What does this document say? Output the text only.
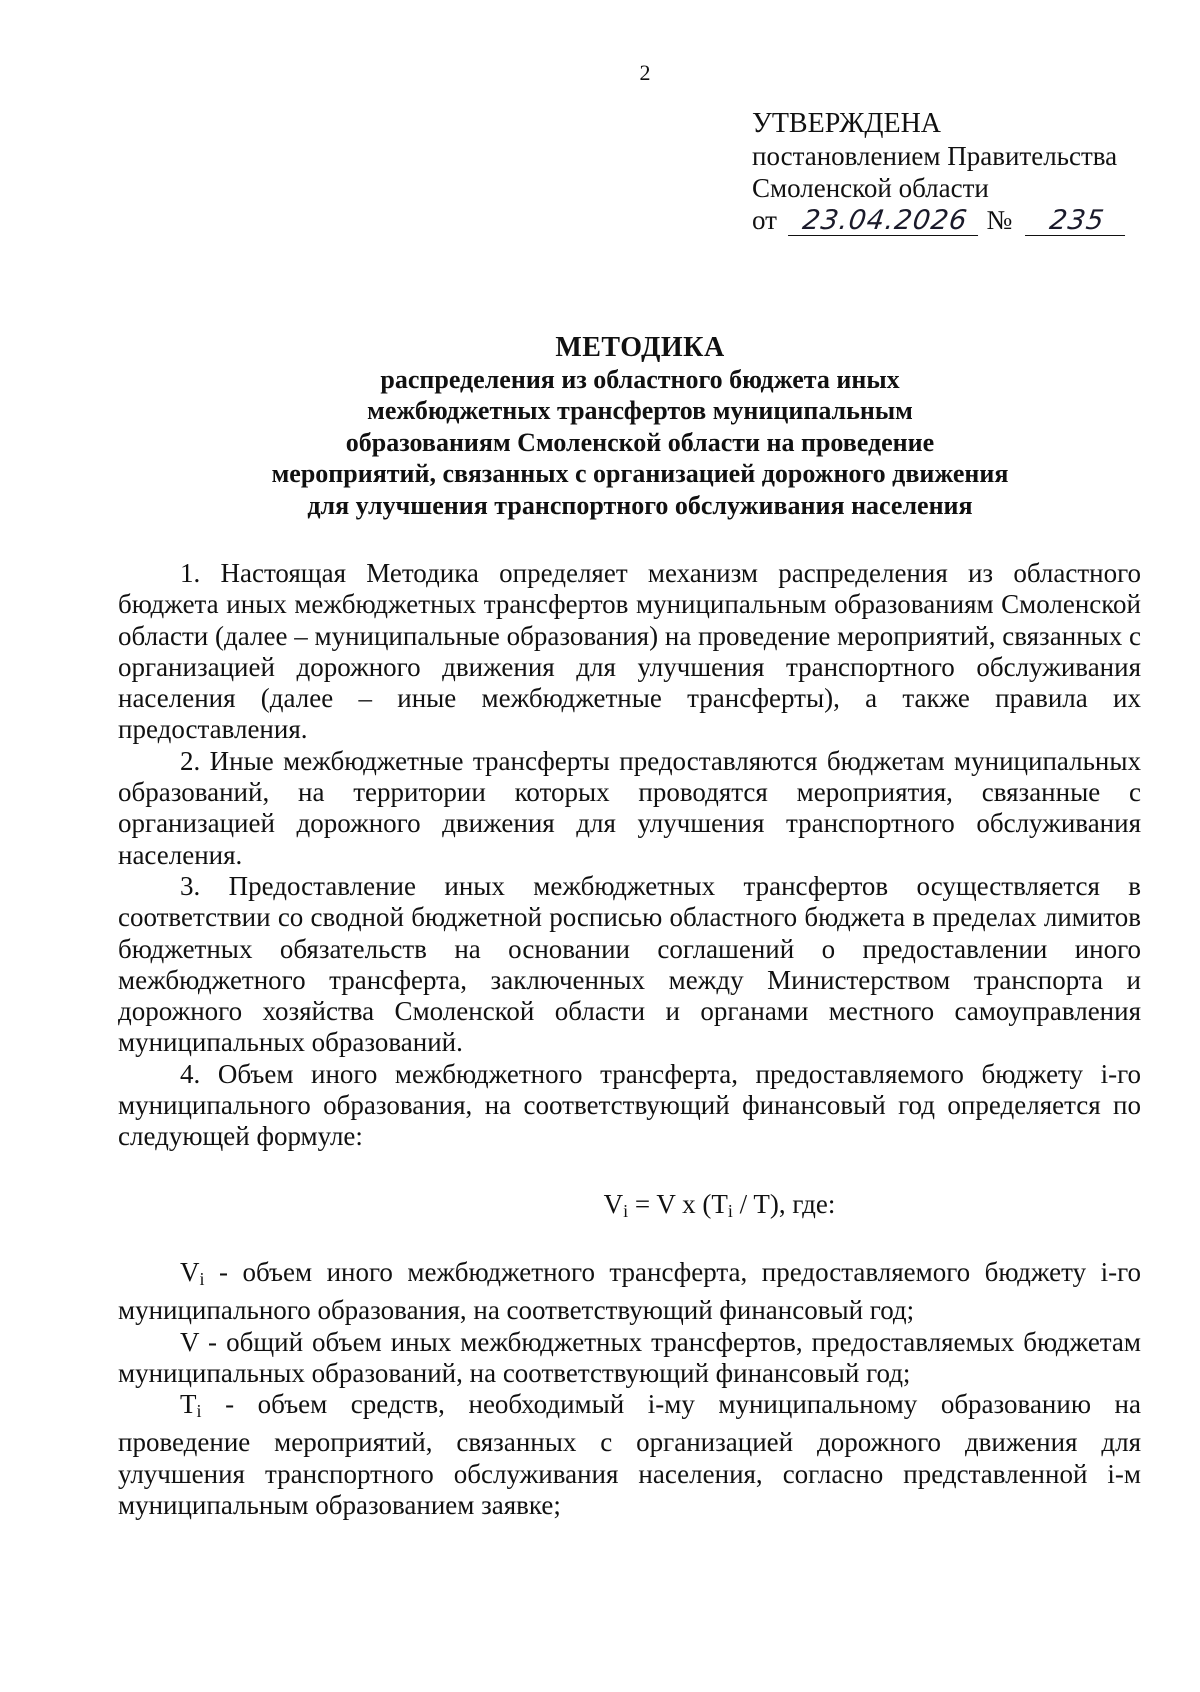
2
УТВЕРЖДЕНА
постановлением Правительства
Смоленской области
от 23.04.2026 № 235
МЕТОДИКА
распределения из областного бюджета иных
межбюджетных трансфертов муниципальным
образованиям Смоленской области на проведение
мероприятий, связанных с организацией дорожного движения
для улучшения транспортного обслуживания населения

1. Настоящая Методика определяет механизм распределения из областного бюджета иных межбюджетных трансфертов муниципальным образованиям Смоленской области (далее – муниципальные образования) на проведение мероприятий, связанных с организацией дорожного движения для улучшения транспортного обслуживания населения (далее – иные межбюджетные трансферты), а также правила их предоставления.

2. Иные межбюджетные трансферты предоставляются бюджетам муниципальных образований, на территории которых проводятся мероприятия, связанные с организацией дорожного движения для улучшения транспортного обслуживания населения.

3. Предоставление иных межбюджетных трансфертов осуществляется в соответствии со сводной бюджетной росписью областного бюджета в пределах лимитов бюджетных обязательств на основании соглашений о предоставлении иного межбюджетного трансферта, заключенных между Министерством транспорта и дорожного хозяйства Смоленской области и органами местного самоуправления муниципальных образований.

4. Объем иного межбюджетного трансферта, предоставляемого бюджету i-го муниципального образования, на соответствующий финансовый год определяется по следующей формуле:

$V_i = V$ x $(T_i / T)$, где:

$V_i$ - объем иного межбюджетного трансферта, предоставляемого бюджету i-го муниципального образования, на соответствующий финансовый год;

V - общий объем иных межбюджетных трансфертов, предоставляемых бюджетам муниципальных образований, на соответствующий финансовый год;

$T_i$ - объем средств, необходимый i-му муниципальному образованию на проведение мероприятий, связанных с организацией дорожного движения для улучшения транспортного обслуживания населения, согласно представленной i-м муниципальным образованием заявке;
